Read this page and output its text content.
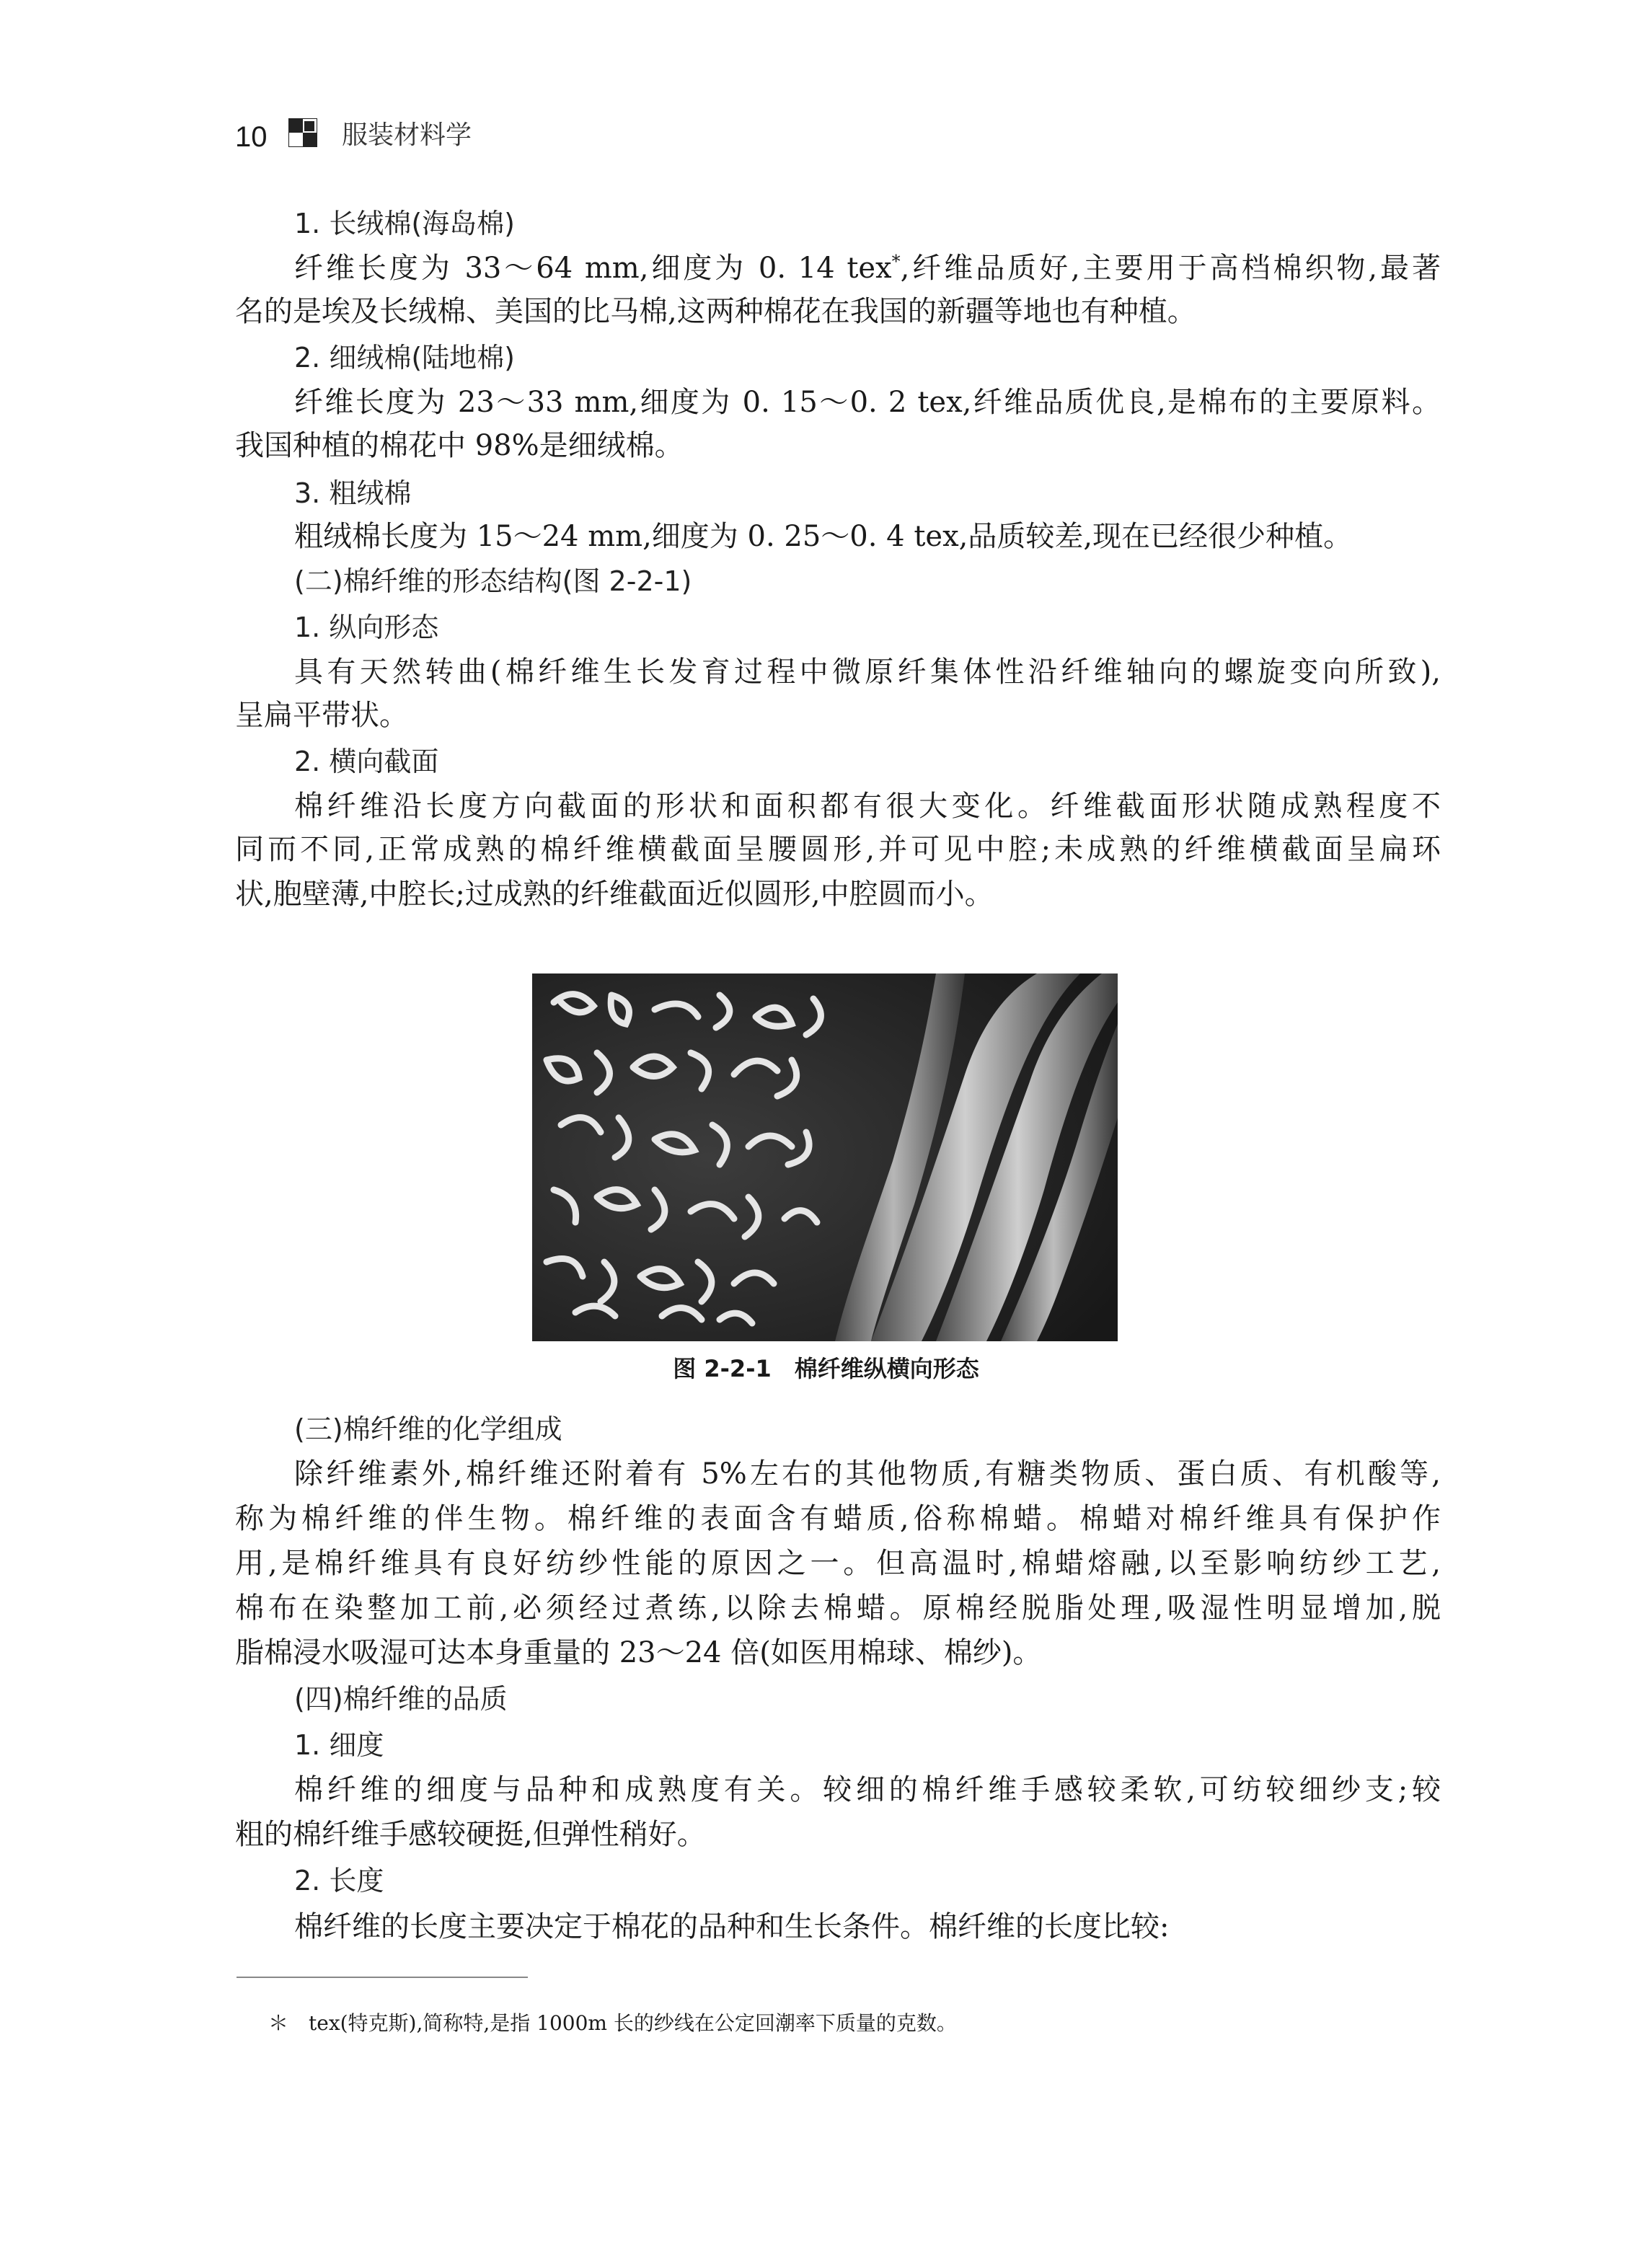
10	服装材料学
1. 长绒棉(海岛棉)
纤维长度为 33～64 mm,细度为 0. 14 tex*,纤维品质好,主要用于高档棉织物,最著
名的是埃及长绒棉、美国的比马棉,这两种棉花在我国的新疆等地也有种植。
2. 细绒棉(陆地棉)
纤维长度为 23～33 mm,细度为 0. 15～0. 2 tex,纤维品质优良,是棉布的主要原料。
我国种植的棉花中 98%是细绒棉。
3. 粗绒棉
粗绒棉长度为 15～24 mm,细度为 0. 25～0. 4 tex,品质较差,现在已经很少种植。
(二)棉纤维的形态结构(图 2-2-1)
1. 纵向形态
具有天然转曲(棉纤维生长发育过程中微原纤集体性沿纤维轴向的螺旋变向所致),
呈扁平带状。
2. 横向截面
棉纤维沿长度方向截面的形状和面积都有很大变化。纤维截面形状随成熟程度不
同而不同,正常成熟的棉纤维横截面呈腰圆形,并可见中腔;未成熟的纤维横截面呈扁环
状,胞壁薄,中腔长;过成熟的纤维截面近似圆形,中腔圆而小。
图 2-2-1　棉纤维纵横向形态
(三)棉纤维的化学组成
除纤维素外,棉纤维还附着有 5%左右的其他物质,有糖类物质、蛋白质、有机酸等,
称为棉纤维的伴生物。棉纤维的表面含有蜡质,俗称棉蜡。棉蜡对棉纤维具有保护作
用,是棉纤维具有良好纺纱性能的原因之一。但高温时,棉蜡熔融,以至影响纺纱工艺,
棉布在染整加工前,必须经过煮练,以除去棉蜡。原棉经脱脂处理,吸湿性明显增加,脱
脂棉浸水吸湿可达本身重量的 23～24 倍(如医用棉球、棉纱)。
(四)棉纤维的品质
1. 细度
棉纤维的细度与品种和成熟度有关。较细的棉纤维手感较柔软,可纺较细纱支;较
粗的棉纤维手感较硬挺,但弹性稍好。
2. 长度
棉纤维的长度主要决定于棉花的品种和生长条件。棉纤维的长度比较:
＊　tex(特克斯),简称特,是指 1000m 长的纱线在公定回潮率下质量的克数。
